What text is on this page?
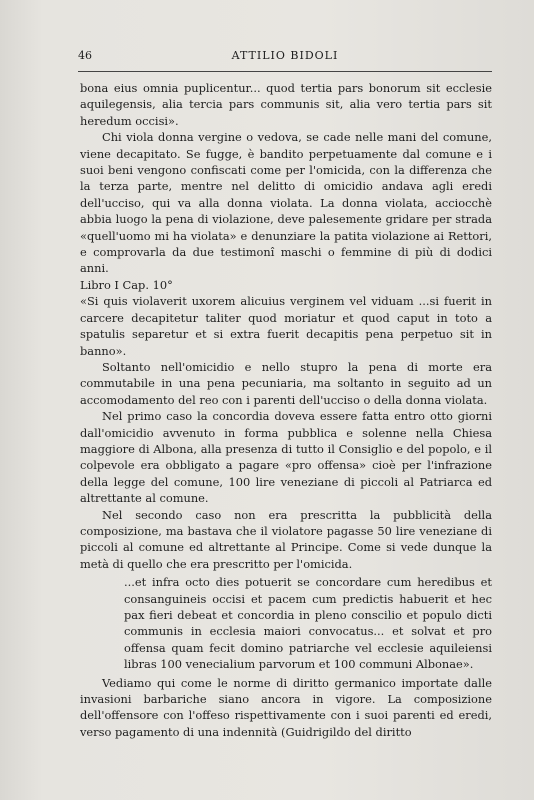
46	ATTILIO BIDOLI

bona eius omnia puplicentur... quod tertia pars bonorum sit ecclesie aquilegensis, alia tercia pars communis sit, alia vero tertia pars sit heredum occisi».

Chi viola donna vergine o vedova, se cade nelle mani del comune, viene decapitato. Se fugge, è bandito perpetuamente dal comune e i suoi beni vengono confiscati come per l'omicida, con la differenza che la terza parte, mentre nel delitto di omicidio andava agli eredi dell'ucciso, qui va alla donna violata. La donna violata, acciocchè abbia luogo la pena di violazione, deve palesemente gridare per strada «quell'uomo mi ha violata» e denunziare la patita violazione ai Rettori, e comprovarla da due testimonî maschi o femmine di più di dodici anni.

Libro I Cap. 10°

«Si quis violaverit uxorem alicuius verginem vel viduam ...si fuerit in carcere decapitetur taliter quod moriatur et quod caput in toto a spatulis separetur et si extra fuerit decapitis pena perpetuo sit in banno».

Soltanto nell'omicidio e nello stupro la pena di morte era commutabile in una pena pecuniaria, ma soltanto in seguito ad un accomodamento del reo con i parenti dell'ucciso o della donna violata.

Nel primo caso la concordia doveva essere fatta entro otto giorni dall'omicidio avvenuto in forma pubblica e solenne nella Chiesa maggiore di Albona, alla presenza di tutto il Consiglio e del popolo, e il colpevole era obbligato a pagare «pro offensa» cioè per l'infrazione della legge del comune, 100 lire veneziane di piccoli al Patriarca ed altrettante al comune.

Nel secondo caso non era prescritta la pubblicità della composizione, ma bastava che il violatore pagasse 50 lire veneziane di piccoli al comune ed altrettante al Principe. Come si vede dunque la metà di quello che era prescritto per l'omicida.

...et infra octo dies potuerit se concordare cum heredibus et consanguineis occisi et pacem cum predictis habuerit et hec pax fieri debeat et concordia in pleno conscilio et populo dicti communis in ecclesia maiori convocatus... et solvat et pro offensa quam fecit domino patriarche vel ecclesie aquileiensi libras 100 venecialium parvorum et 100 communi Albonae».

Vediamo qui come le norme di diritto germanico importate dalle invasioni barbariche siano ancora in vigore. La composizione dell'offensore con l'offeso rispettivamente con i suoi parenti ed eredi, verso pagamento di una indennità (Guidrigildo del diritto
